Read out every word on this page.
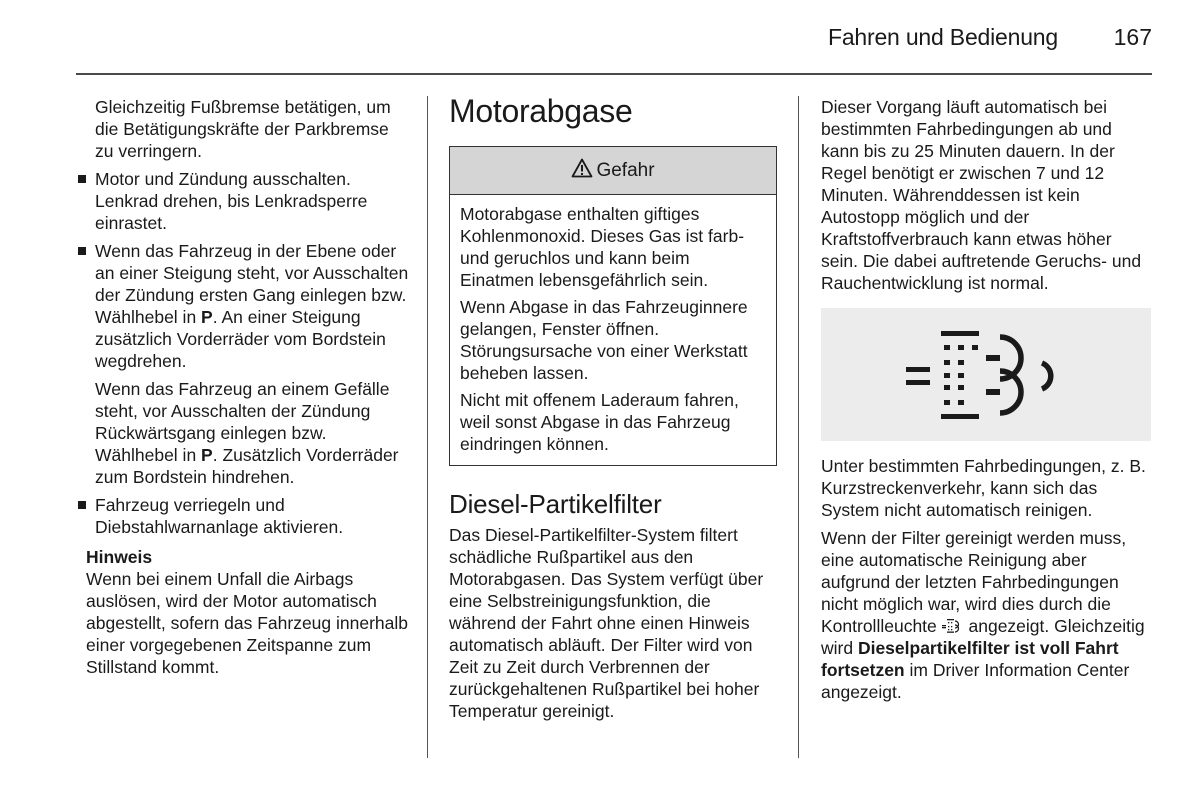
Fahren und Bedienung	167

Gleichzeitig Fußbremse betätigen, um die Betätigungskräfte der Parkbremse zu verringern.

Motor und Zündung ausschalten. Lenkrad drehen, bis Lenkradsperre einrastet.

Wenn das Fahrzeug in der Ebene oder an einer Steigung steht, vor Ausschalten der Zündung ersten Gang einlegen bzw. Wählhebel in P. An einer Steigung zusätzlich Vorderräder vom Bordstein wegdrehen.

Wenn das Fahrzeug an einem Gefälle steht, vor Ausschalten der Zündung Rückwärtsgang einlegen bzw. Wählhebel in P. Zusätzlich Vorderräder zum Bordstein hindrehen.

Fahrzeug verriegeln und Diebstahlwarnanlage aktivieren.

Hinweis

Wenn bei einem Unfall die Airbags auslösen, wird der Motor automatisch abgestellt, sofern das Fahrzeug innerhalb einer vorgegebenen Zeitspanne zum Stillstand kommt.

Motorabgase
Gefahr

Motorabgase enthalten giftiges Kohlenmonoxid. Dieses Gas ist farb- und geruchlos und kann beim Einatmen lebensgefährlich sein.

Wenn Abgase in das Fahrzeuginnere gelangen, Fenster öffnen. Störungsursache von einer Werkstatt beheben lassen.

Nicht mit offenem Laderaum fahren, weil sonst Abgase in das Fahrzeug eindringen können.

Diesel-Partikelfilter

Das Diesel-Partikelfilter-System filtert schädliche Rußpartikel aus den Motorabgasen. Das System verfügt über eine Selbstreinigungsfunktion, die während der Fahrt ohne einen Hinweis automatisch abläuft. Der Filter wird von Zeit zu Zeit durch Verbrennen der zurückgehaltenen Rußpartikel bei hoher Temperatur gereinigt.

Dieser Vorgang läuft automatisch bei bestimmten Fahrbedingungen ab und kann bis zu 25 Minuten dauern. In der Regel benötigt er zwischen 7 und 12 Minuten. Währenddessen ist kein Autostopp möglich und der Kraftstoffverbrauch kann etwas höher sein. Die dabei auftretende Geruchs- und Rauchentwicklung ist normal.

Unter bestimmten Fahrbedingungen, z. B. Kurzstreckenverkehr, kann sich das System nicht automatisch reinigen.

Wenn der Filter gereinigt werden muss, eine automatische Reinigung aber aufgrund der letzten Fahrbedingungen nicht möglich war, wird dies durch die Kontrollleuchte  angezeigt. Gleichzeitig wird Dieselpartikelfilter ist voll Fahrt fortsetzen im Driver Information Center angezeigt.
